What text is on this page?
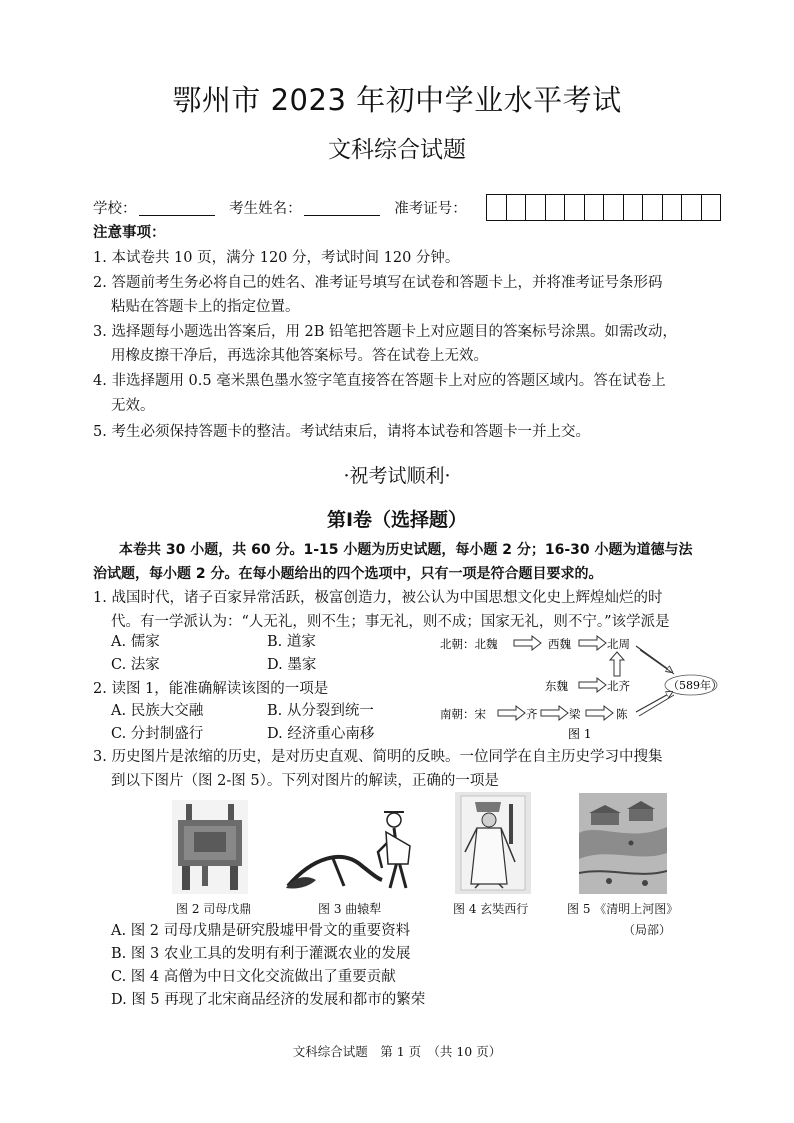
鄂州市 2023 年初中学业水平考试
文科综合试题
学校：	考生姓名：	准考证号：
注意事项：
1. 本试卷共 10 页，满分 120 分，考试时间 120 分钟。
2. 答题前考生务必将自己的姓名、准考证号填写在试卷和答题卡上，并将准考证号条形码
粘贴在答题卡上的指定位置。
3. 选择题每小题选出答案后，用 2B 铅笔把答题卡上对应题目的答案标号涂黑。如需改动，
用橡皮擦干净后，再选涂其他答案标号。答在试卷上无效。
4. 非选择题用 0.5 毫米黑色墨水签字笔直接答在答题卡上对应的答题区域内。答在试卷上
无效。
5. 考生必须保持答题卡的整洁。考试结束后，请将本试卷和答题卡一并上交。
·祝考试顺利·
第Ⅰ卷（选择题）
本卷共 30 小题，共 60 分。1-15 小题为历史试题，每小题 2 分；16-30 小题为道德与法
治试题，每小题 2 分。在每小题给出的四个选项中，只有一项是符合题目要求的。
1. 战国时代，诸子百家异常活跃，极富创造力，被公认为中国思想文化史上辉煌灿烂的时
代。有一学派认为：“人无礼，则不生；事无礼，则不成；国家无礼，则不宁。”该学派是
A. 儒家	B. 道家
C. 法家	D. 墨家
2. 读图 1，能准确解读该图的一项是
A. 民族大交融	B. 从分裂到统一
C. 分封制盛行	D. 经济重心南移
北朝：北魏	西魏	北周
东魏	北齐
南朝：宋	齐	梁	陈
（589年）
图 1
3. 历史图片是浓缩的历史，是对历史直观、简明的反映。一位同学在自主历史学习中搜集
到以下图片（图 2-图 5）。下列对图片的解读，正确的一项是
图 2 司母戊鼎	图 3 曲辕犁	图 4 玄奘西行	图 5 《清明上河图》
（局部）
A. 图 2 司母戊鼎是研究殷墟甲骨文的重要资料
B. 图 3 农业工具的发明有利于灌溉农业的发展
C. 图 4 高僧为中日文化交流做出了重要贡献
D. 图 5 再现了北宋商品经济的发展和都市的繁荣
文科综合试题　第 1 页　（共 10 页）
